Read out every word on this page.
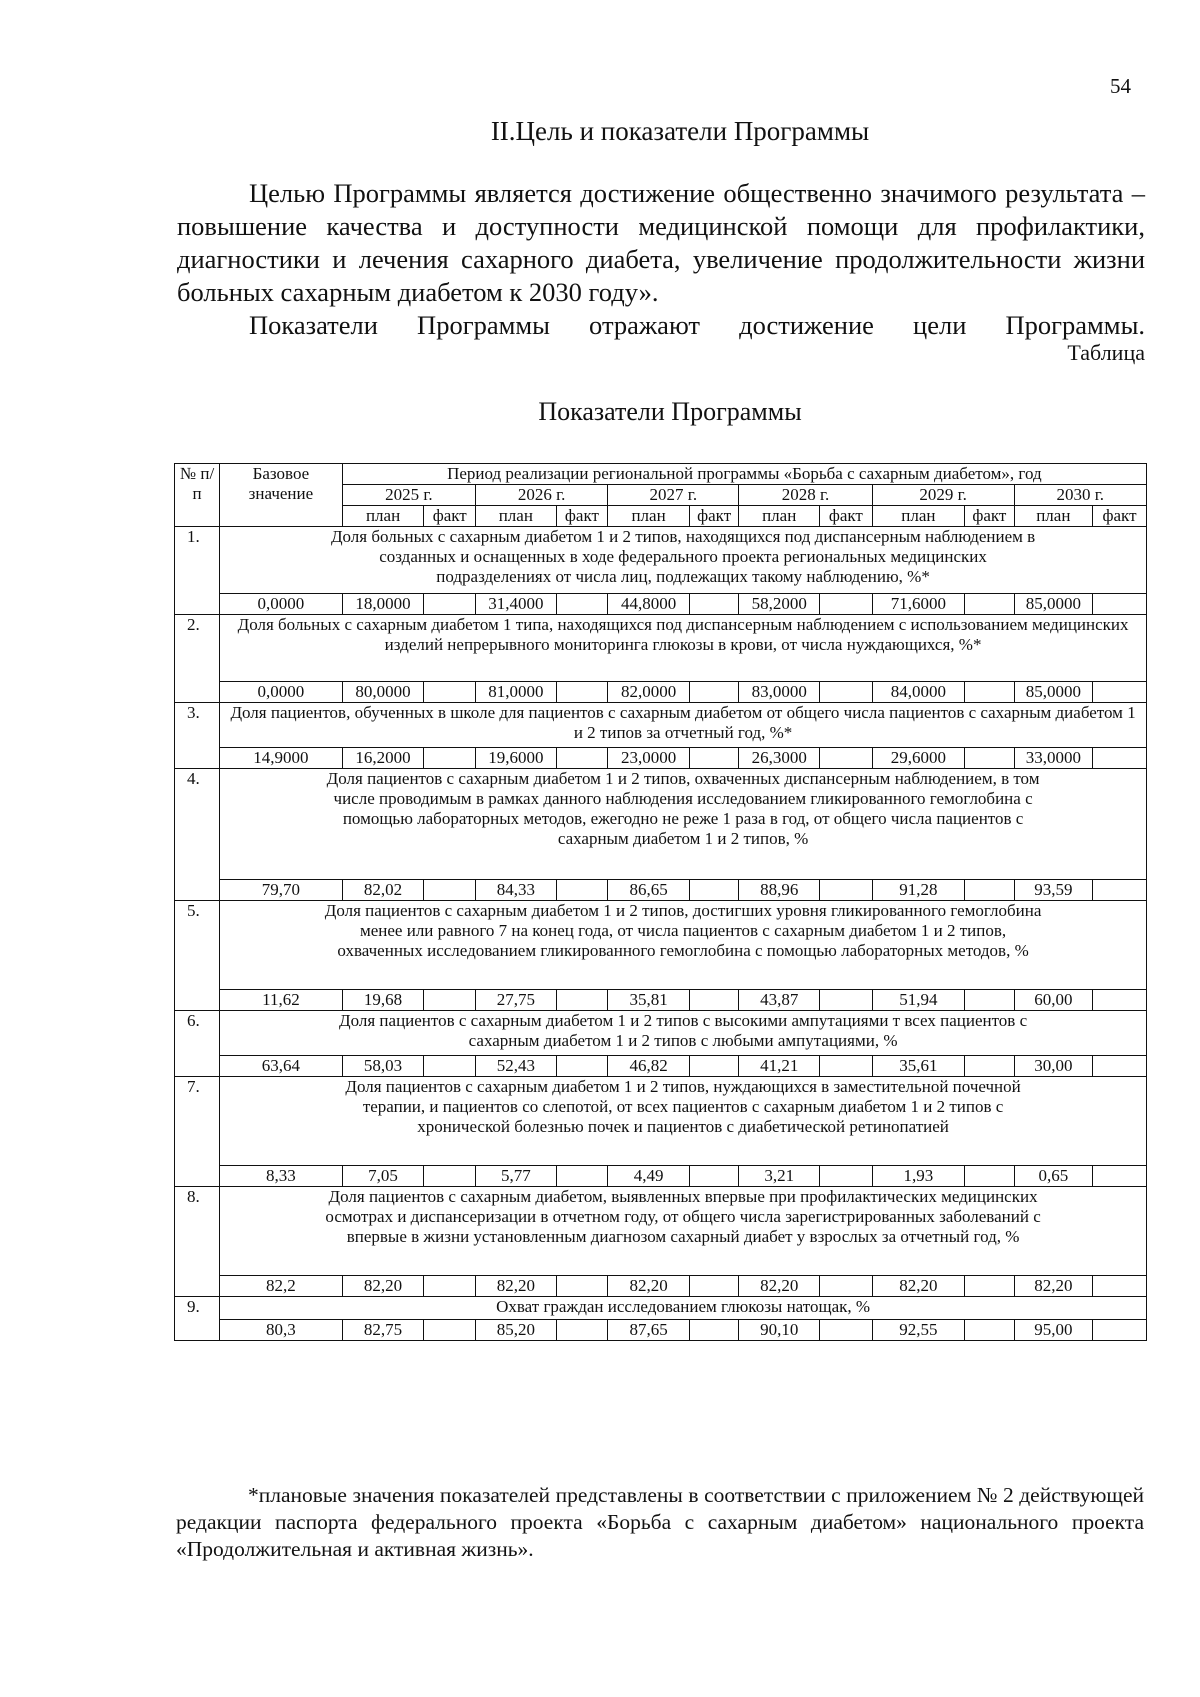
54
II.Цель и показатели Программы

Целью Программы является достижение общественно значимого результата – повышение качества и доступности медицинской помощи для профилактики, диагностики и лечения сахарного диабета, увеличение продолжительности жизни больных сахарным диабетом к 2030 году».

Показатели Программы отражают достижение цели Программы.

Таблица
Показатели Программы
№ п/п	Базовое значение	Период реализации региональной программы «Борьба с сахарным диабетом», год											
		2025 г.		2026 г.		2027 г.		2028 г.		2029 г.		2030 г.	
		план	факт	план	факт	план	факт	план	факт	план	факт	план	факт
1.	Доля больных с сахарным диабетом 1 и 2 типов, находящихся под диспансерным наблюдением в созданных и оснащенных в ходе федерального проекта региональных медицинских подразделениях от числа лиц, подлежащих такому наблюдению, %*												
	0,0000	18,0000		31,4000		44,8000		58,2000		71,6000		85,0000	
2.	Доля больных с сахарным диабетом 1 типа, находящихся под диспансерным наблюдением с использованием медицинских изделий непрерывного мониторинга глюкозы в крови, от числа нуждающихся, %*												
	0,0000	80,0000		81,0000		82,0000		83,0000		84,0000		85,0000	
3.	Доля пациентов, обученных в школе для пациентов с сахарным диабетом от общего числа пациентов с сахарным диабетом 1 и 2 типов за отчетный год, %*												
	14,9000	16,2000		19,6000		23,0000		26,3000		29,6000		33,0000	
4.	Доля пациентов с сахарным диабетом 1 и 2 типов, охваченных диспансерным наблюдением, в том числе проводимым в рамках данного наблюдения исследованием гликированного гемоглобина с помощью лабораторных методов, ежегодно не реже 1 раза в год, от общего числа пациентов с сахарным диабетом 1 и 2 типов, %												
	79,70	82,02		84,33		86,65		88,96		91,28		93,59	
5.	Доля пациентов с сахарным диабетом 1 и 2 типов, достигших уровня гликированного гемоглобина менее или равного 7 на конец года, от числа пациентов с сахарным диабетом 1 и 2 типов, охваченных исследованием гликированного гемоглобина с помощью лабораторных методов, %												
	11,62	19,68		27,75		35,81		43,87		51,94		60,00	
6.	Доля пациентов с сахарным диабетом 1 и 2 типов с высокими ампутациями т всех пациентов с сахарным диабетом 1 и 2 типов с любыми ампутациями, %												
	63,64	58,03		52,43		46,82		41,21		35,61		30,00	
7.	Доля пациентов с сахарным диабетом 1 и 2 типов, нуждающихся в заместительной почечной терапии, и пациентов со слепотой, от всех пациентов с сахарным диабетом 1 и 2 типов с хронической болезнью почек и пациентов с диабетической ретинопатией												
	8,33	7,05		5,77		4,49		3,21		1,93		0,65	
8.	Доля пациентов с сахарным диабетом, выявленных впервые при профилактических медицинских осмотрах и диспансеризации в отчетном году, от общего числа зарегистрированных заболеваний с впервые в жизни установленным диагнозом сахарный диабет у взрослых за отчетный год, %												
	82,2	82,20		82,20		82,20		82,20		82,20		82,20	
9.	Охват граждан исследованием глюкозы натощак, %												
	80,3	82,75		85,20		87,65		90,10		92,55		95,00	

*плановые значения показателей представлены в соответствии с приложением № 2 действующей редакции паспорта федерального проекта «Борьба с сахарным диабетом» национального проекта «Продолжительная и активная жизнь».
